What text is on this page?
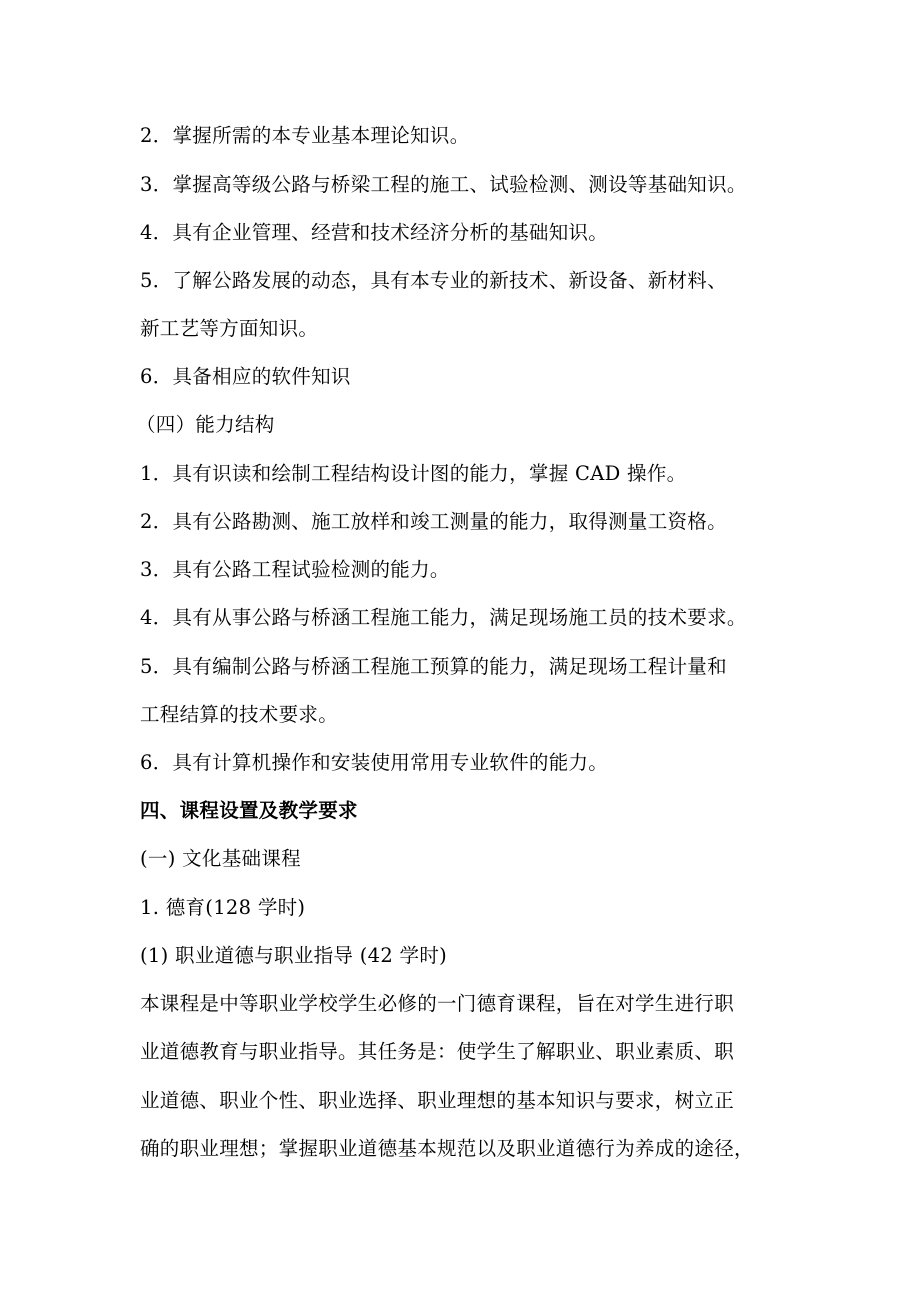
2．掌握所需的本专业基本理论知识。
3．掌握高等级公路与桥梁工程的施工、试验检测、测设等基础知识。
4．具有企业管理、经营和技术经济分析的基础知识。
5．了解公路发展的动态，具有本专业的新技术、新设备、新材料、
新工艺等方面知识。
6．具备相应的软件知识
（四）能力结构
1．具有识读和绘制工程结构设计图的能力，掌握 CAD 操作。
2．具有公路勘测、施工放样和竣工测量的能力，取得测量工资格。
3．具有公路工程试验检测的能力。
4．具有从事公路与桥涵工程施工能力，满足现场施工员的技术要求。
5．具有编制公路与桥涵工程施工预算的能力，满足现场工程计量和
工程结算的技术要求。
6．具有计算机操作和安装使用常用专业软件的能力。
四、课程设置及教学要求
(一) 文化基础课程
1. 德育(128 学时)
(1) 职业道德与职业指导 (42 学时)
本课程是中等职业学校学生必修的一门德育课程，旨在对学生进行职
业道德教育与职业指导。其任务是：使学生了解职业、职业素质、职
业道德、职业个性、职业选择、职业理想的基本知识与要求，树立正
确的职业理想；掌握职业道德基本规范以及职业道德行为养成的途径，
